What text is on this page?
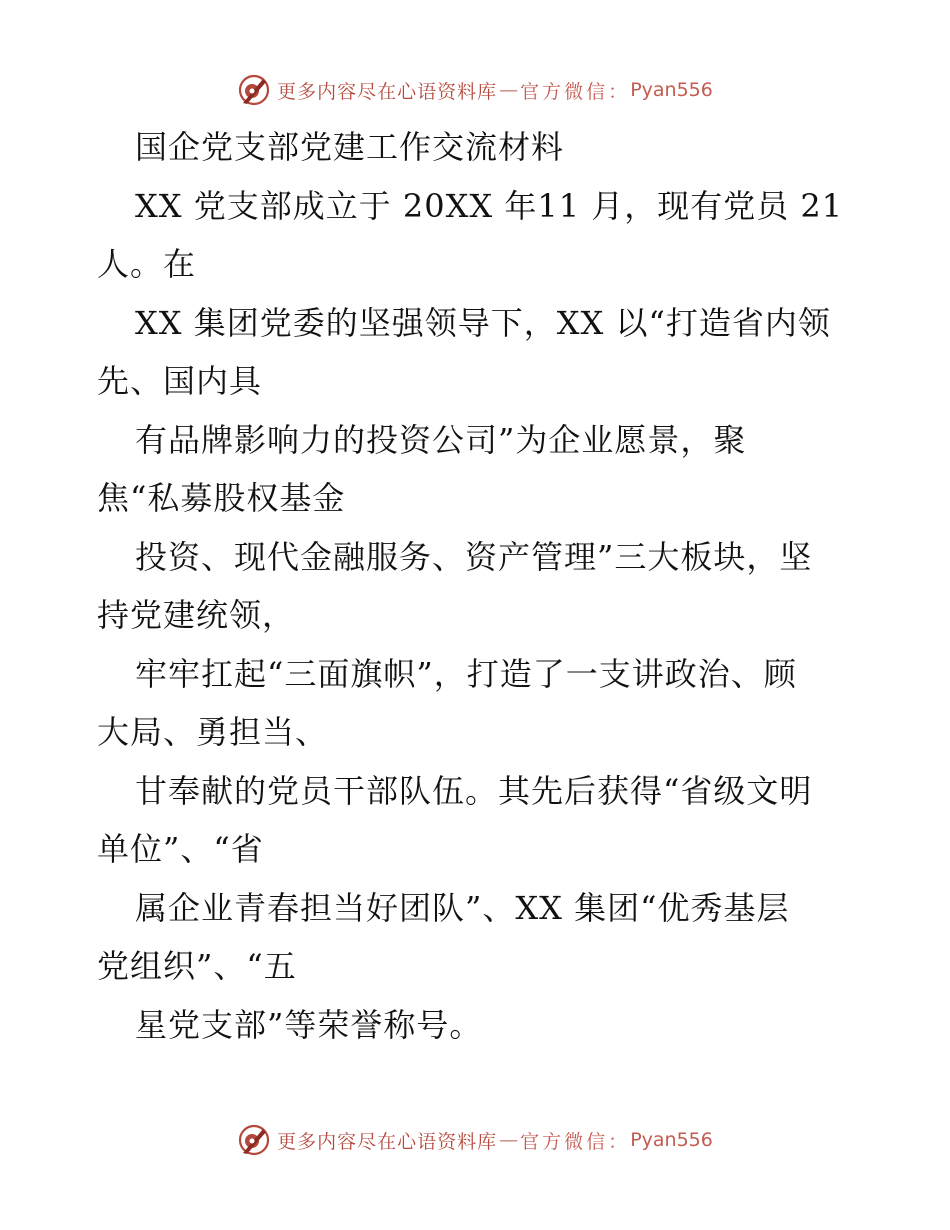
更多内容尽在心语资料库 — 官方微信： Pyan556
国企党支部党建工作交流材料
XX 党支部成立于 20XX 年11 月，现有党员 21
人。在
XX 集团党委的坚强领导下，XX 以“打造省内领
先、国内具
有品牌影响力的投资公司”为企业愿景，聚
焦“私募股权基金
投资、现代金融服务、资产管理”三大板块，坚
持党建统领，
牢牢扛起“三面旗帜”，打造了一支讲政治、顾
大局、勇担当、
甘奉献的党员干部队伍。其先后获得“省级文明
单位”、“省
属企业青春担当好团队”、XX 集团“优秀基层
党组织”、“五
星党支部”等荣誉称号。
更多内容尽在心语资料库 — 官方微信： Pyan556
